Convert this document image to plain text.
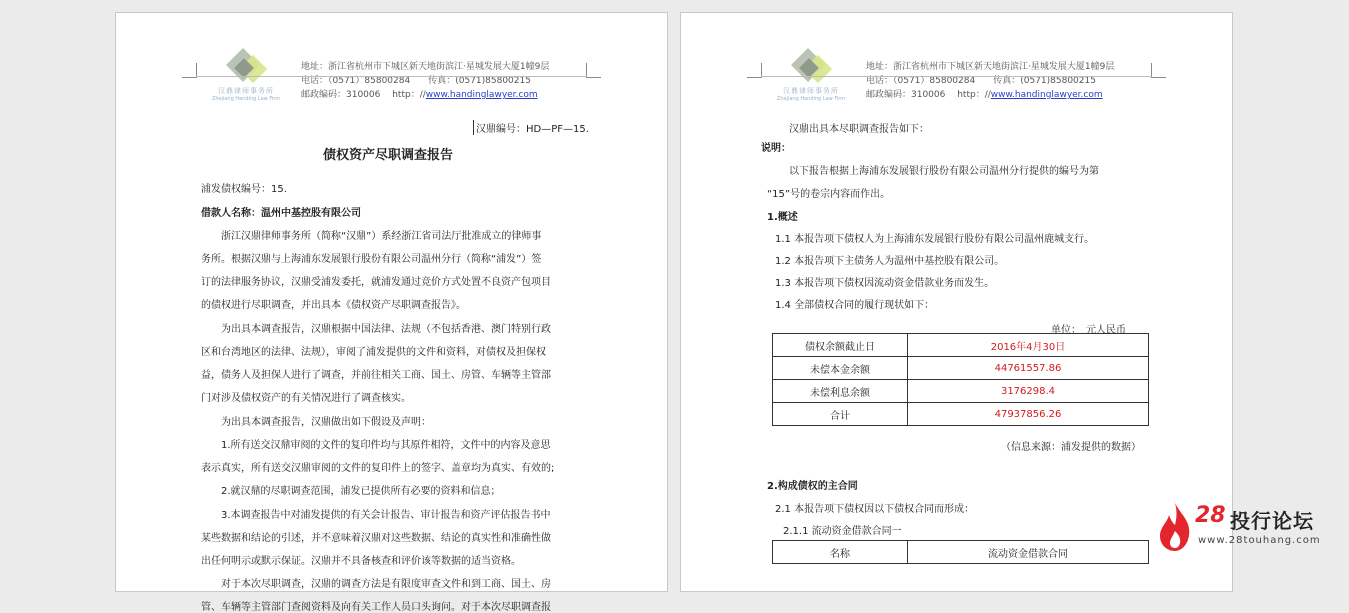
汉鼎律师事务所
Zhejiang Handing Law Firm
地址：浙江省杭州市下城区新天地街滨江·星城发展大厦1幢9层
电话：（0571）85800284　　传真：(0571)85800215
邮政编码：310006　 http：//www.handinglawyer.com
汉鼎编号：HD—PF—15.
债权资产尽职调查报告
浦发债权编号：15.
借款人名称：温州中基控股有限公司
浙江汉鼎律师事务所（简称“汉鼎”）系经浙江省司法厅批准成立的律师事
务所。根据汉鼎与上海浦东发展银行股份有限公司温州分行（简称“浦发”）签
订的法律服务协议，汉鼎受浦发委托，就浦发通过竞价方式处置不良资产包项目
的债权进行尽职调查，并出具本《债权资产尽职调查报告》。
为出具本调查报告，汉鼎根据中国法律、法规（不包括香港、澳门特别行政
区和台湾地区的法律、法规），审阅了浦发提供的文件和资料，对债权及担保权
益，债务人及担保人进行了调查，并前往相关工商、国土、房管、车辆等主管部
门对涉及债权资产的有关情况进行了调查核实。
为出具本调查报告，汉鼎做出如下假设及声明：
1.所有送交汉鼎审阅的文件的复印件均与其原件相符，文件中的内容及意思
表示真实，所有送交汉鼎审阅的文件的复印件上的签字、盖章均为真实、有效的;
2.就汉鼎的尽职调查范围，浦发已提供所有必要的资料和信息；
3.本调查报告中对浦发提供的有关会计报告、审计报告和资产评估报告书中
某些数据和结论的引述，并不意味着汉鼎对这些数据、结论的真实性和准确性做
出任何明示或默示保证。汉鼎并不具备核查和评价该等数据的适当资格。
对于本次尽职调查，汉鼎的调查方法是有限度审查文件和到工商、国土、房
管、车辆等主管部门查阅资料及向有关工作人员口头询问。对于本次尽职调查报
汉鼎律师事务所
Zhejiang Handing Law Firm
地址：浙江省杭州市下城区新天地街滨江·星城发展大厦1幢9层
电话：（0571）85800284　　传真：(0571)85800215
邮政编码：310006　 http：//www.handinglawyer.com
汉鼎出具本尽职调查报告如下：
说明：
以下报告根据上海浦东发展银行股份有限公司温州分行提供的编号为第
“15”号的卷宗内容而作出。
1.概述
1.1 本报告项下债权人为上海浦东发展银行股份有限公司温州鹿城支行。
1.2 本报告项下主债务人为温州中基控股有限公司。
1.3 本报告项下债权因流动资金借款业务而发生。
1.4 全部债权合同的履行现状如下：
单位：　元人民币
债权余额截止日	2016年4月30日
未偿本金余额	44761557.86
未偿利息余额	3176298.4
合计	47937856.26
（信息来源：浦发提供的数据）
2.构成债权的主合同
2.1 本报告项下债权因以下债权合同而形成：
2.1.1 流动资金借款合同一
名称	流动资金借款合同
28 投行论坛
www.28touhang.com
